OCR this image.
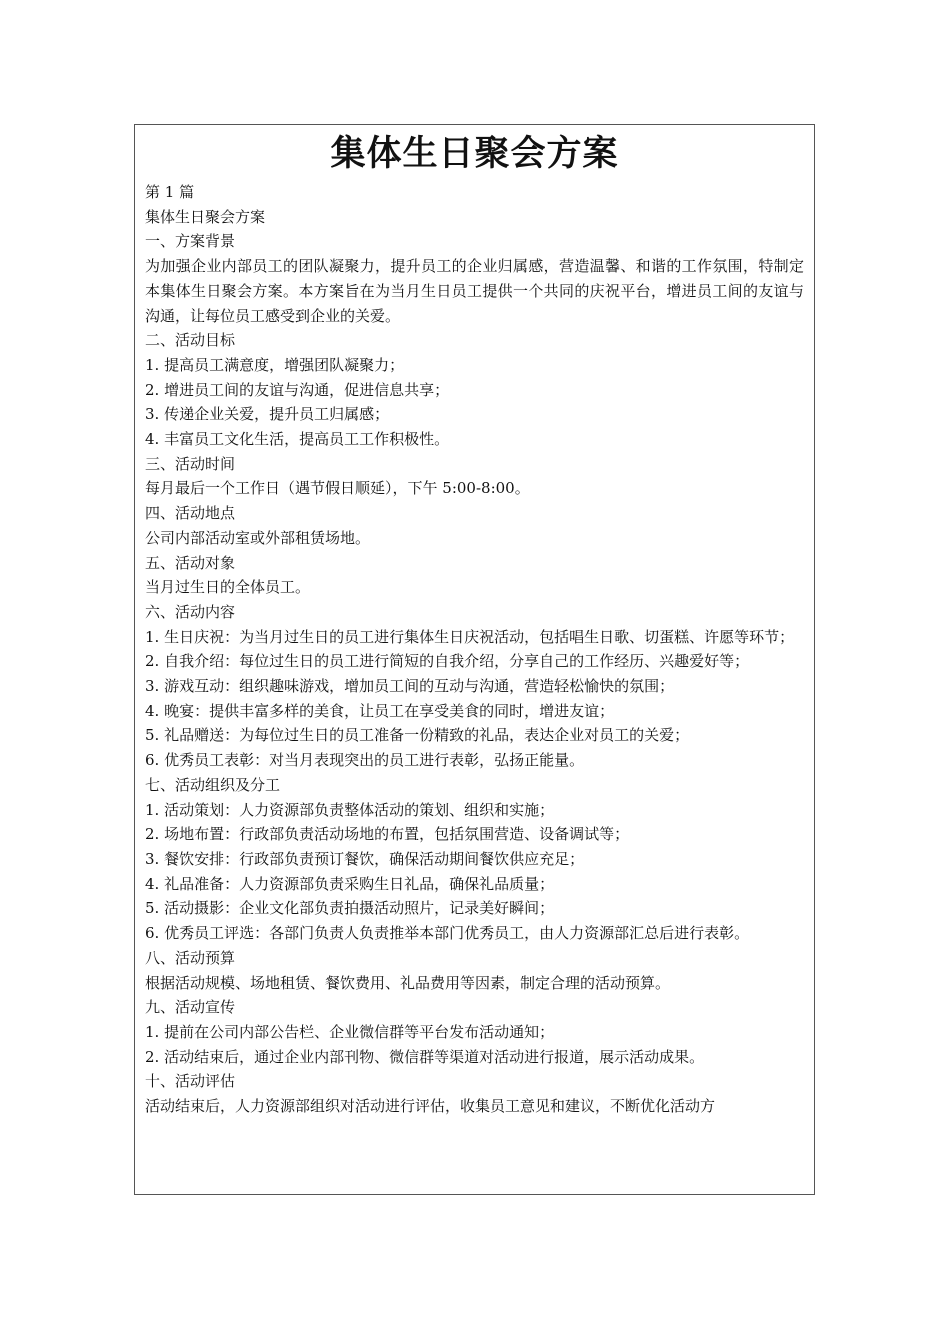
集体生日聚会方案

第 1 篇

集体生日聚会方案

一、方案背景

为加强企业内部员工的团队凝聚力，提升员工的企业归属感，营造温馨、和谐的工作氛围，特制定本集体生日聚会方案。本方案旨在为当月生日员工提供一个共同的庆祝平台，增进员工间的友谊与沟通，让每位员工感受到企业的关爱。

二、活动目标

1. 提高员工满意度，增强团队凝聚力；

2. 增进员工间的友谊与沟通，促进信息共享；

3. 传递企业关爱，提升员工归属感；

4. 丰富员工文化生活，提高员工工作积极性。

三、活动时间

每月最后一个工作日（遇节假日顺延），下午 5:00-8:00。

四、活动地点

公司内部活动室或外部租赁场地。

五、活动对象

当月过生日的全体员工。

六、活动内容

1. 生日庆祝：为当月过生日的员工进行集体生日庆祝活动，包括唱生日歌、切蛋糕、许愿等环节；

2. 自我介绍：每位过生日的员工进行简短的自我介绍，分享自己的工作经历、兴趣爱好等；

3. 游戏互动：组织趣味游戏，增加员工间的互动与沟通，营造轻松愉快的氛围；

4. 晚宴：提供丰富多样的美食，让员工在享受美食的同时，增进友谊；

5. 礼品赠送：为每位过生日的员工准备一份精致的礼品，表达企业对员工的关爱；

6. 优秀员工表彰：对当月表现突出的员工进行表彰，弘扬正能量。

七、活动组织及分工

1. 活动策划：人力资源部负责整体活动的策划、组织和实施；

2. 场地布置：行政部负责活动场地的布置，包括氛围营造、设备调试等；

3. 餐饮安排：行政部负责预订餐饮，确保活动期间餐饮供应充足；

4. 礼品准备：人力资源部负责采购生日礼品，确保礼品质量；

5. 活动摄影：企业文化部负责拍摄活动照片，记录美好瞬间；

6. 优秀员工评选：各部门负责人负责推举本部门优秀员工，由人力资源部汇总后进行表彰。

八、活动预算

根据活动规模、场地租赁、餐饮费用、礼品费用等因素，制定合理的活动预算。

九、活动宣传

1. 提前在公司内部公告栏、企业微信群等平台发布活动通知；

2. 活动结束后，通过企业内部刊物、微信群等渠道对活动进行报道，展示活动成果。

十、活动评估

活动结束后，人力资源部组织对活动进行评估，收集员工意见和建议，不断优化活动方
